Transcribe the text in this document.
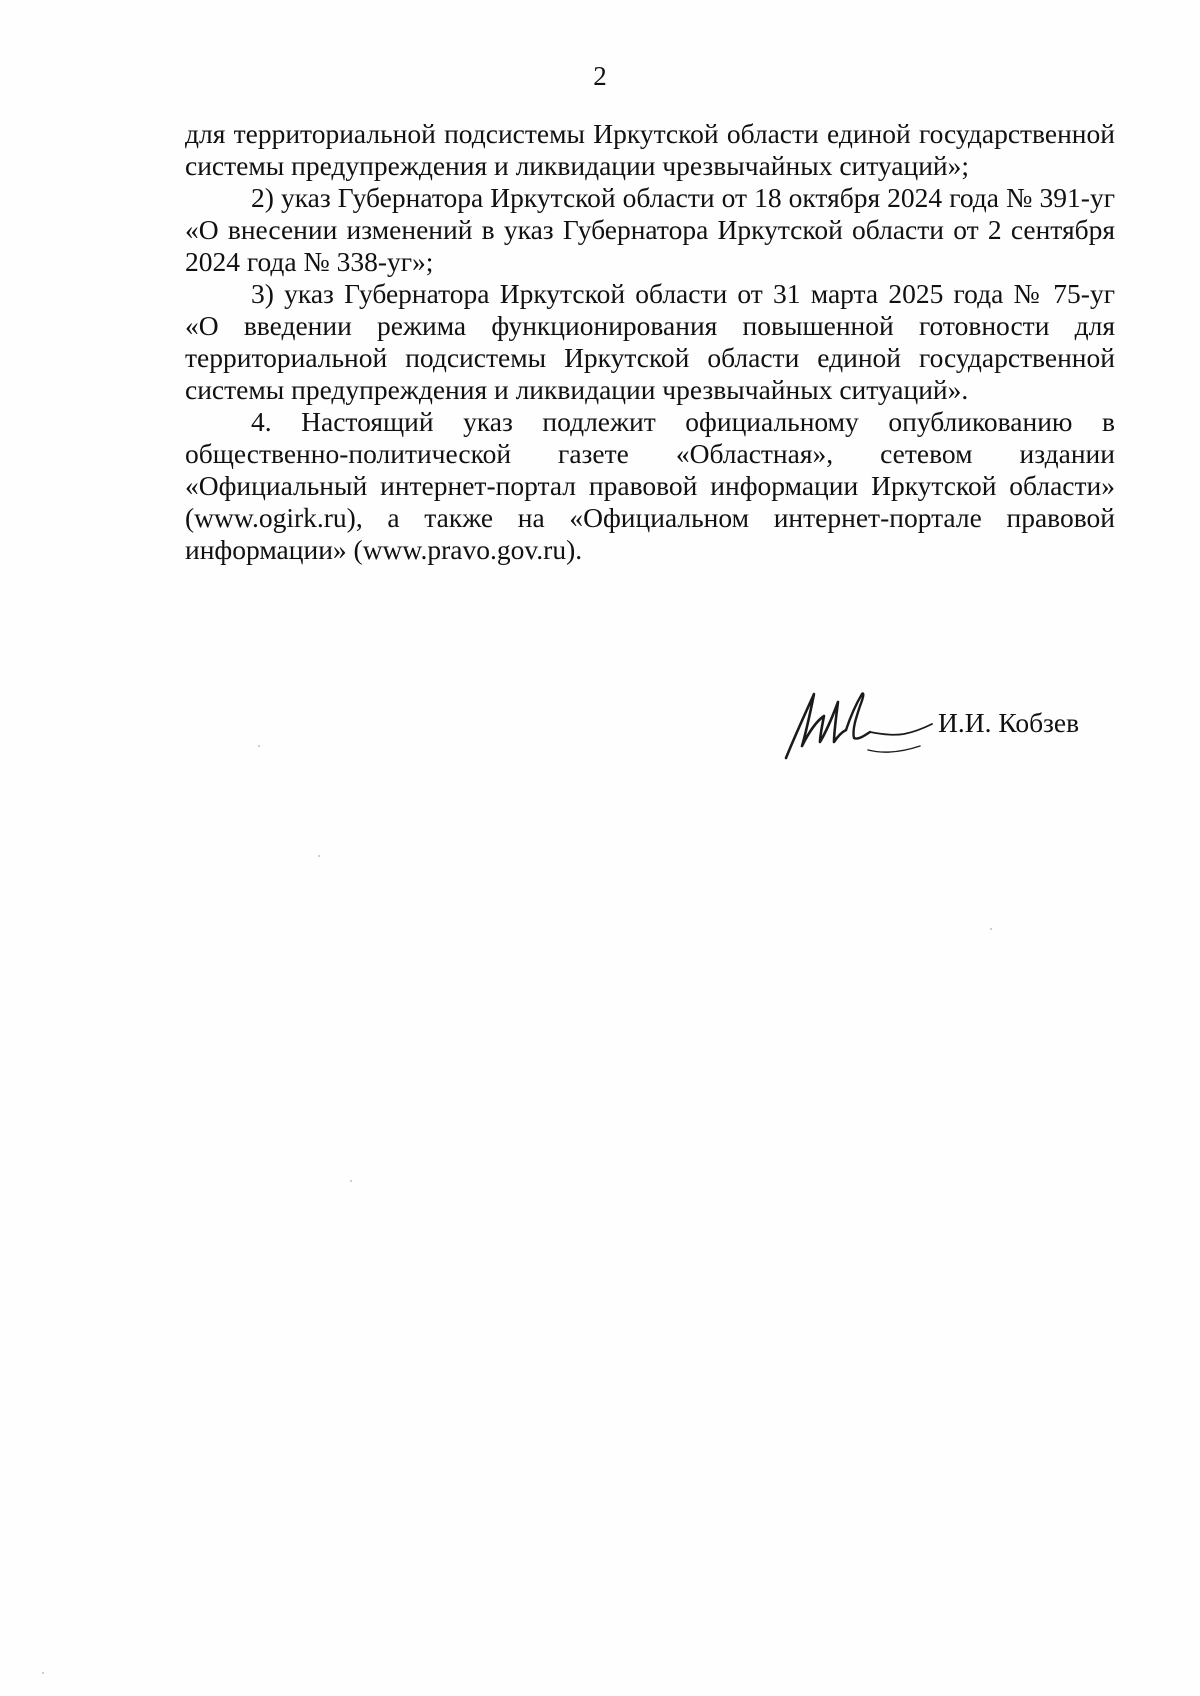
2

для территориальной подсистемы Иркутской области единой государственной системы предупреждения и ликвидации чрезвычайных ситуаций»;

2) указ Губернатора Иркутской области от 18 октября 2024 года № 391-уг «О внесении изменений в указ Губернатора Иркутской области от 2 сентября 2024 года № 338-уг»;

3) указ Губернатора Иркутской области от 31 марта 2025 года № 75-уг «О введении режима функционирования повышенной готовности для территориальной подсистемы Иркутской области единой государственной системы предупреждения и ликвидации чрезвычайных ситуаций».

4. Настоящий указ подлежит официальному опубликованию в общественно-политической газете «Областная», сетевом издании «Официальный интернет-портал правовой информации Иркутской области» (www.ogirk.ru), а также на «Официальном интернет-портале правовой информации» (www.pravo.gov.ru).

И.И. Кобзев
